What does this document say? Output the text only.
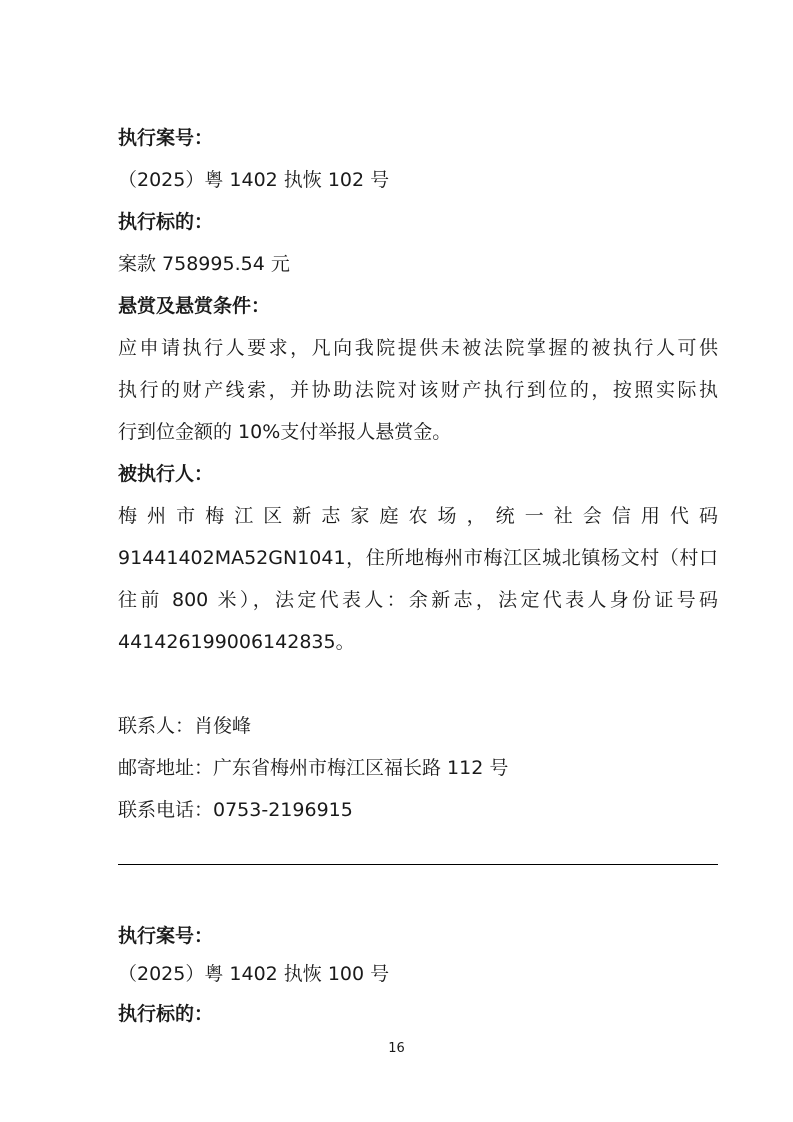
执行案号：
（2025）粤 1402 执恢 102 号
执行标的：
案款 758995.54 元
悬赏及悬赏条件：
应申请执行人要求，凡向我院提供未被法院掌握的被执行人可供
执行的财产线索，并协助法院对该财产执行到位的，按照实际执
行到位金额的 10%支付举报人悬赏金。
被执行人：
梅州市梅江区新志家庭农场，统一社会信用代码
91441402MA52GN1041，住所地梅州市梅江区城北镇杨文村（村口
往前 800 米），法定代表人：余新志，法定代表人身份证号码
441426199006142835。
联系人：肖俊峰
邮寄地址：广东省梅州市梅江区福长路 112 号
联系电话：0753-2196915
执行案号：
（2025）粤 1402 执恢 100 号
执行标的：
16
